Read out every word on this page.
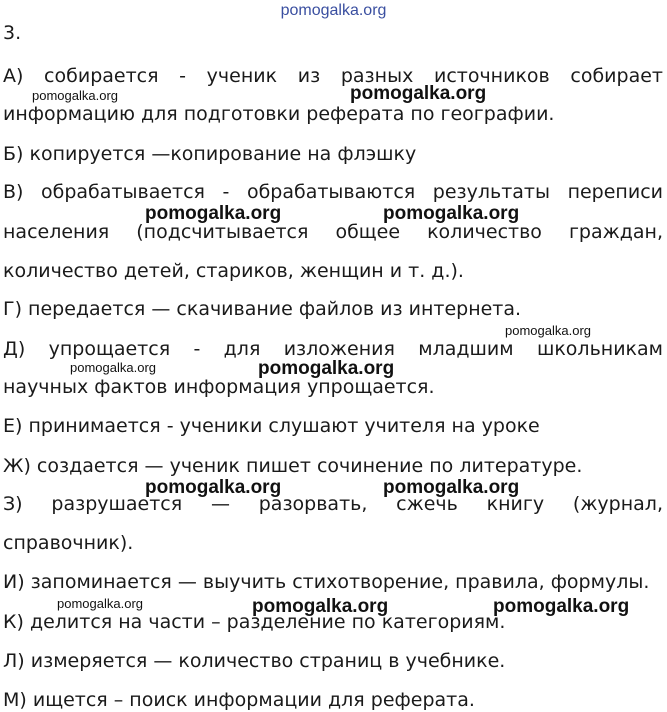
pomogalka.org
3.
А) собирается - ученик из разных источников собирает
информацию для подготовки реферата по географии.
Б) копируется —копирование на флэшку
В) обрабатывается - обрабатываются результаты переписи
населения (подсчитывается общее количество граждан,
количество детей, стариков, женщин и т. д.).
Г) передается — скачивание файлов из интернета.
Д) упрощается - для изложения младшим школьникам
научных фактов информация упрощается.
Е) принимается - ученики слушают учителя на уроке
Ж) создается — ученик пишет сочинение по литературе.
З) разрушается — разорвать, сжечь книгу (журнал,
справочник).
И) запоминается — выучить стихотворение, правила, формулы.
К) делится на части – разделение по категориям.
Л) измеряется — количество страниц в учебнике.
М) ищется – поиск информации для реферата.
pomogalka.org	pomogalka.org
pomogalka.org	pomogalka.org
pomogalka.org
pomogalka.org	pomogalka.org
pomogalka.org	pomogalka.org
pomogalka.org	pomogalka.org	pomogalka.org
